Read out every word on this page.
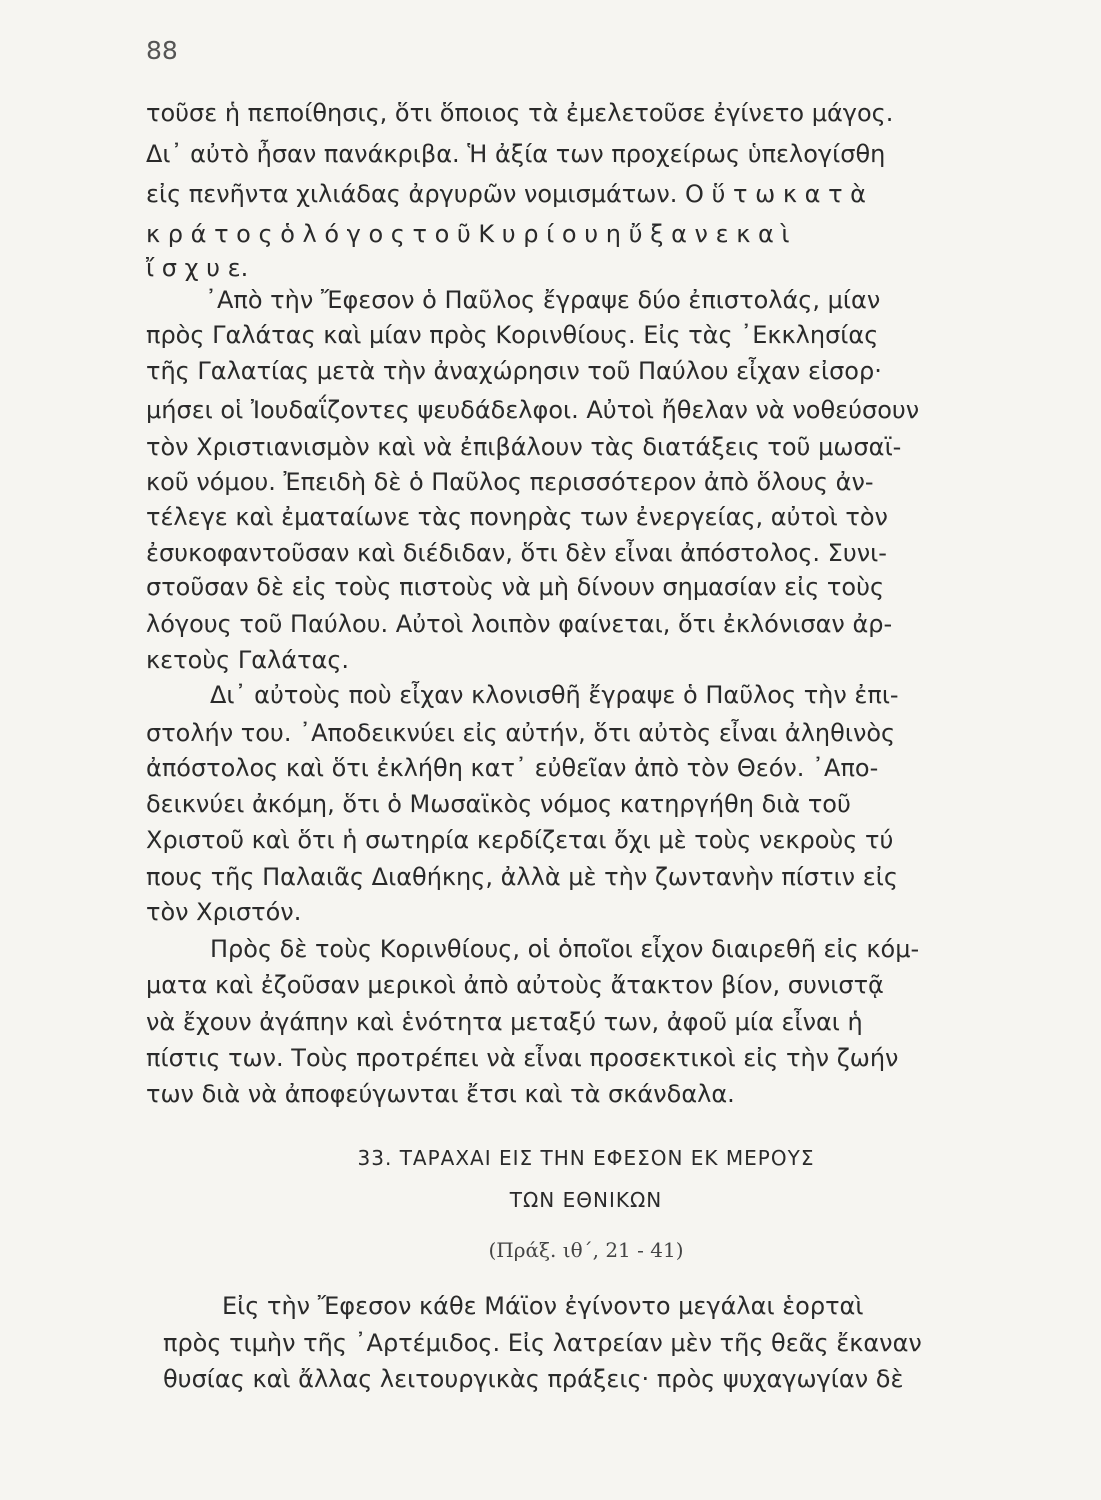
88
τοῦσε ἡ πεποίθησις, ὅτι ὅποιος τὰ ἐμελετοῦσε ἐγίνετο μάγος.
Δι᾽ αὐτὸ ἦσαν πανάκριβα. Ἡ ἀξία των προχείρως ὑπελογίσθη
εἰς πενῆντα χιλιάδας ἀργυρῶν νομισμάτων. Ο ὕ τ ω κ α τ ὰ
κ ρ ά τ ο ς ὁ λ ό γ ο ς τ ο ῦ Κ υ ρ ί ο υ η ὔ ξ α ν ε κ α ὶ
ἴ σ χ υ ε.
᾿Απὸ τὴν Ἔφεσον ὁ Παῦλος ἔγραψε δύο ἐπιστολάς, μίαν
πρὸς Γαλάτας καὶ μίαν πρὸς Κορινθίους. Εἰς τὰς ᾿Εκκλησίας
τῆς Γαλατίας μετὰ τὴν ἀναχώρησιν τοῦ Παύλου εἶχαν εἰσορ·
μήσει οἱ Ἰουδαΐζοντες ψευδάδελφοι. Αὐτοὶ ἤθελαν νὰ νοθεύσουν
τὸν Χριστιανισμὸν καὶ νὰ ἐπιβάλουν τὰς διατάξεις τοῦ μωσαϊ-
κοῦ νόμου. Ἐπειδὴ δὲ ὁ Παῦλος περισσότερον ἀπὸ ὅλους ἀν-
τέλεγε καὶ ἐματαίωνε τὰς πονηρὰς των ἐνεργείας, αὐτοὶ τὸν
ἐσυκοφαντοῦσαν καὶ διέδιδαν, ὅτι δὲν εἶναι ἀπόστολος. Συνι-
στοῦσαν δὲ εἰς τοὺς πιστοὺς νὰ μὴ δίνουν σημασίαν εἰς τοὺς
λόγους τοῦ Παύλου. Αὐτοὶ λοιπὸν φαίνεται, ὅτι ἐκλόνισαν ἀρ-
κετοὺς Γαλάτας.
Δι᾽ αὐτοὺς ποὺ εἶχαν κλονισθῆ ἔγραψε ὁ Παῦλος τὴν ἐπι-
στολήν του. ᾿Αποδεικνύει εἰς αὐτήν, ὅτι αὐτὸς εἶναι ἀληθινὸς
ἀπόστολος καὶ ὅτι ἐκλήθη κατ᾽ εὐθεῖαν ἀπὸ τὸν Θεόν. ᾿Απο-
δεικνύει ἀκόμη, ὅτι ὁ Μωσαϊκὸς νόμος κατηργήθη διὰ τοῦ
Χριστοῦ καὶ ὅτι ἡ σωτηρία κερδίζεται ὄχι μὲ τοὺς νεκροὺς τύ
πους τῆς Παλαιᾶς Διαθήκης, ἀλλὰ μὲ τὴν ζωντανὴν πίστιν εἰς
τὸν Χριστόν.
Πρὸς δὲ τοὺς Κορινθίους, οἱ ὁποῖοι εἶχον διαιρεθῆ εἰς κόμ-
ματα καὶ ἐζοῦσαν μερικοὶ ἀπὸ αὐτοὺς ἄτακτον βίον, συνιστᾷ
νὰ ἔχουν ἀγάπην καὶ ἑνότητα μεταξύ των, ἀφοῦ μία εἶναι ἡ
πίστις των. Τοὺς προτρέπει νὰ εἶναι προσεκτικοὶ εἰς τὴν ζωήν
των διὰ νὰ ἀποφεύγωνται ἔτσι καὶ τὰ σκάνδαλα.
33. ΤΑΡΑΧΑΙ ΕΙΣ ΤΗΝ ΕΦΕΣΟΝ ΕΚ ΜΕΡΟΥΣ
ΤΩΝ ΕΘΝΙΚΩΝ
(Πράξ. ιθ΄, 21 - 41)
Εἰς τὴν Ἔφεσον κάθε Μάϊον ἐγίνοντο μεγάλαι ἑορταὶ
πρὸς τιμὴν τῆς ᾿Αρτέμιδος. Εἰς λατρείαν μὲν τῆς θεᾶς ἔκαναν
θυσίας καὶ ἄλλας λειτουργικὰς πράξεις· πρὸς ψυχαγωγίαν δὲ
